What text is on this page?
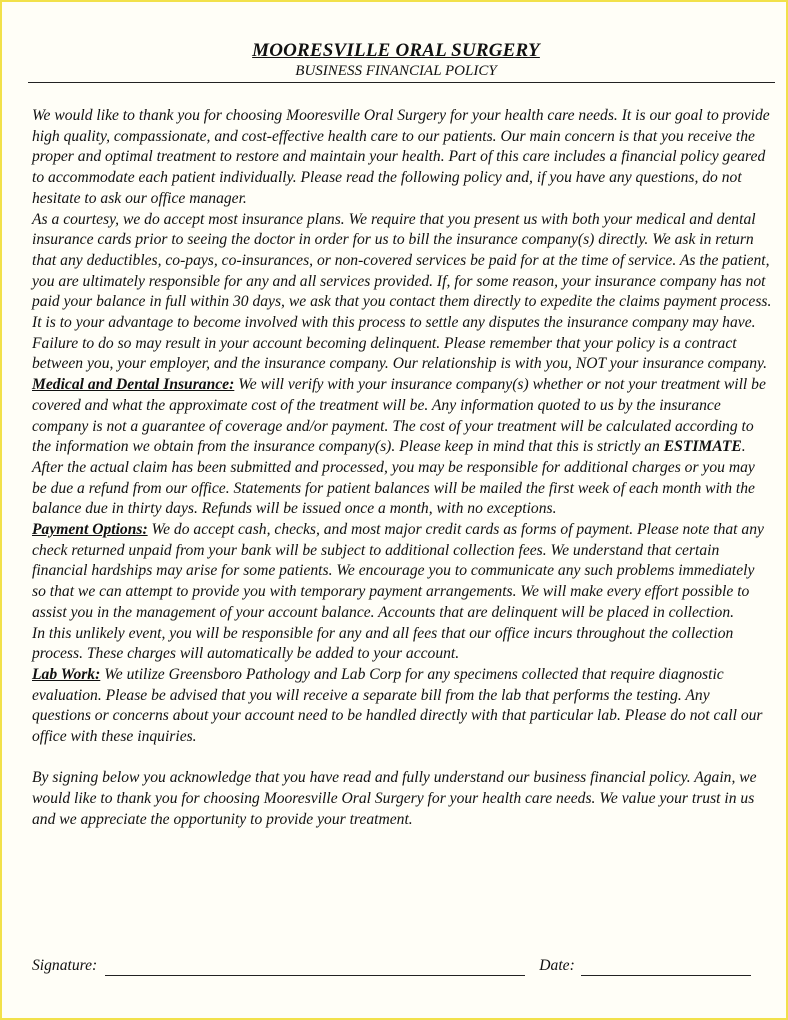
MOORESVILLE ORAL SURGERY
BUSINESS FINANCIAL POLICY

We would like to thank you for choosing Mooresville Oral Surgery for your health care needs. It is our goal to provide high quality, compassionate, and cost-effective health care to our patients. Our main concern is that you receive the proper and optimal treatment to restore and maintain your health. Part of this care includes a financial policy geared to accommodate each patient individually. Please read the following policy and, if you have any questions, do not hesitate to ask our office manager.

As a courtesy, we do accept most insurance plans. We require that you present us with both your medical and dental insurance cards prior to seeing the doctor in order for us to bill the insurance company(s) directly. We ask in return that any deductibles, co-pays, co-insurances, or non-covered services be paid for at the time of service. As the patient, you are ultimately responsible for any and all services provided. If, for some reason, your insurance company has not paid your balance in full within 30 days, we ask that you contact them directly to expedite the claims payment process.

It is to your advantage to become involved with this process to settle any disputes the insurance company may have. Failure to do so may result in your account becoming delinquent. Please remember that your policy is a contract between you, your employer, and the insurance company. Our relationship is with you, NOT your insurance company.

Medical and Dental Insurance: We will verify with your insurance company(s) whether or not your treatment will be covered and what the approximate cost of the treatment will be. Any information quoted to us by the insurance company is not a guarantee of coverage and/or payment. The cost of your treatment will be calculated according to the information we obtain from the insurance company(s). Please keep in mind that this is strictly an ESTIMATE. After the actual claim has been submitted and processed, you may be responsible for additional charges or you may be due a refund from our office. Statements for patient balances will be mailed the first week of each month with the balance due in thirty days. Refunds will be issued once a month, with no exceptions.

Payment Options: We do accept cash, checks, and most major credit cards as forms of payment. Please note that any check returned unpaid from your bank will be subject to additional collection fees. We understand that certain financial hardships may arise for some patients. We encourage you to communicate any such problems immediately so that we can attempt to provide you with temporary payment arrangements. We will make every effort possible to assist you in the management of your account balance. Accounts that are delinquent will be placed in collection.

In this unlikely event, you will be responsible for any and all fees that our office incurs throughout the collection process. These charges will automatically be added to your account.

Lab Work: We utilize Greensboro Pathology and Lab Corp for any specimens collected that require diagnostic evaluation. Please be advised that you will receive a separate bill from the lab that performs the testing. Any questions or concerns about your account need to be handled directly with that particular lab. Please do not call our office with these inquiries.

By signing below you acknowledge that you have read and fully understand our business financial policy. Again, we would like to thank you for choosing Mooresville Oral Surgery for your health care needs. We value your trust in us and we appreciate the opportunity to provide your treatment.

Signature:	Date:
